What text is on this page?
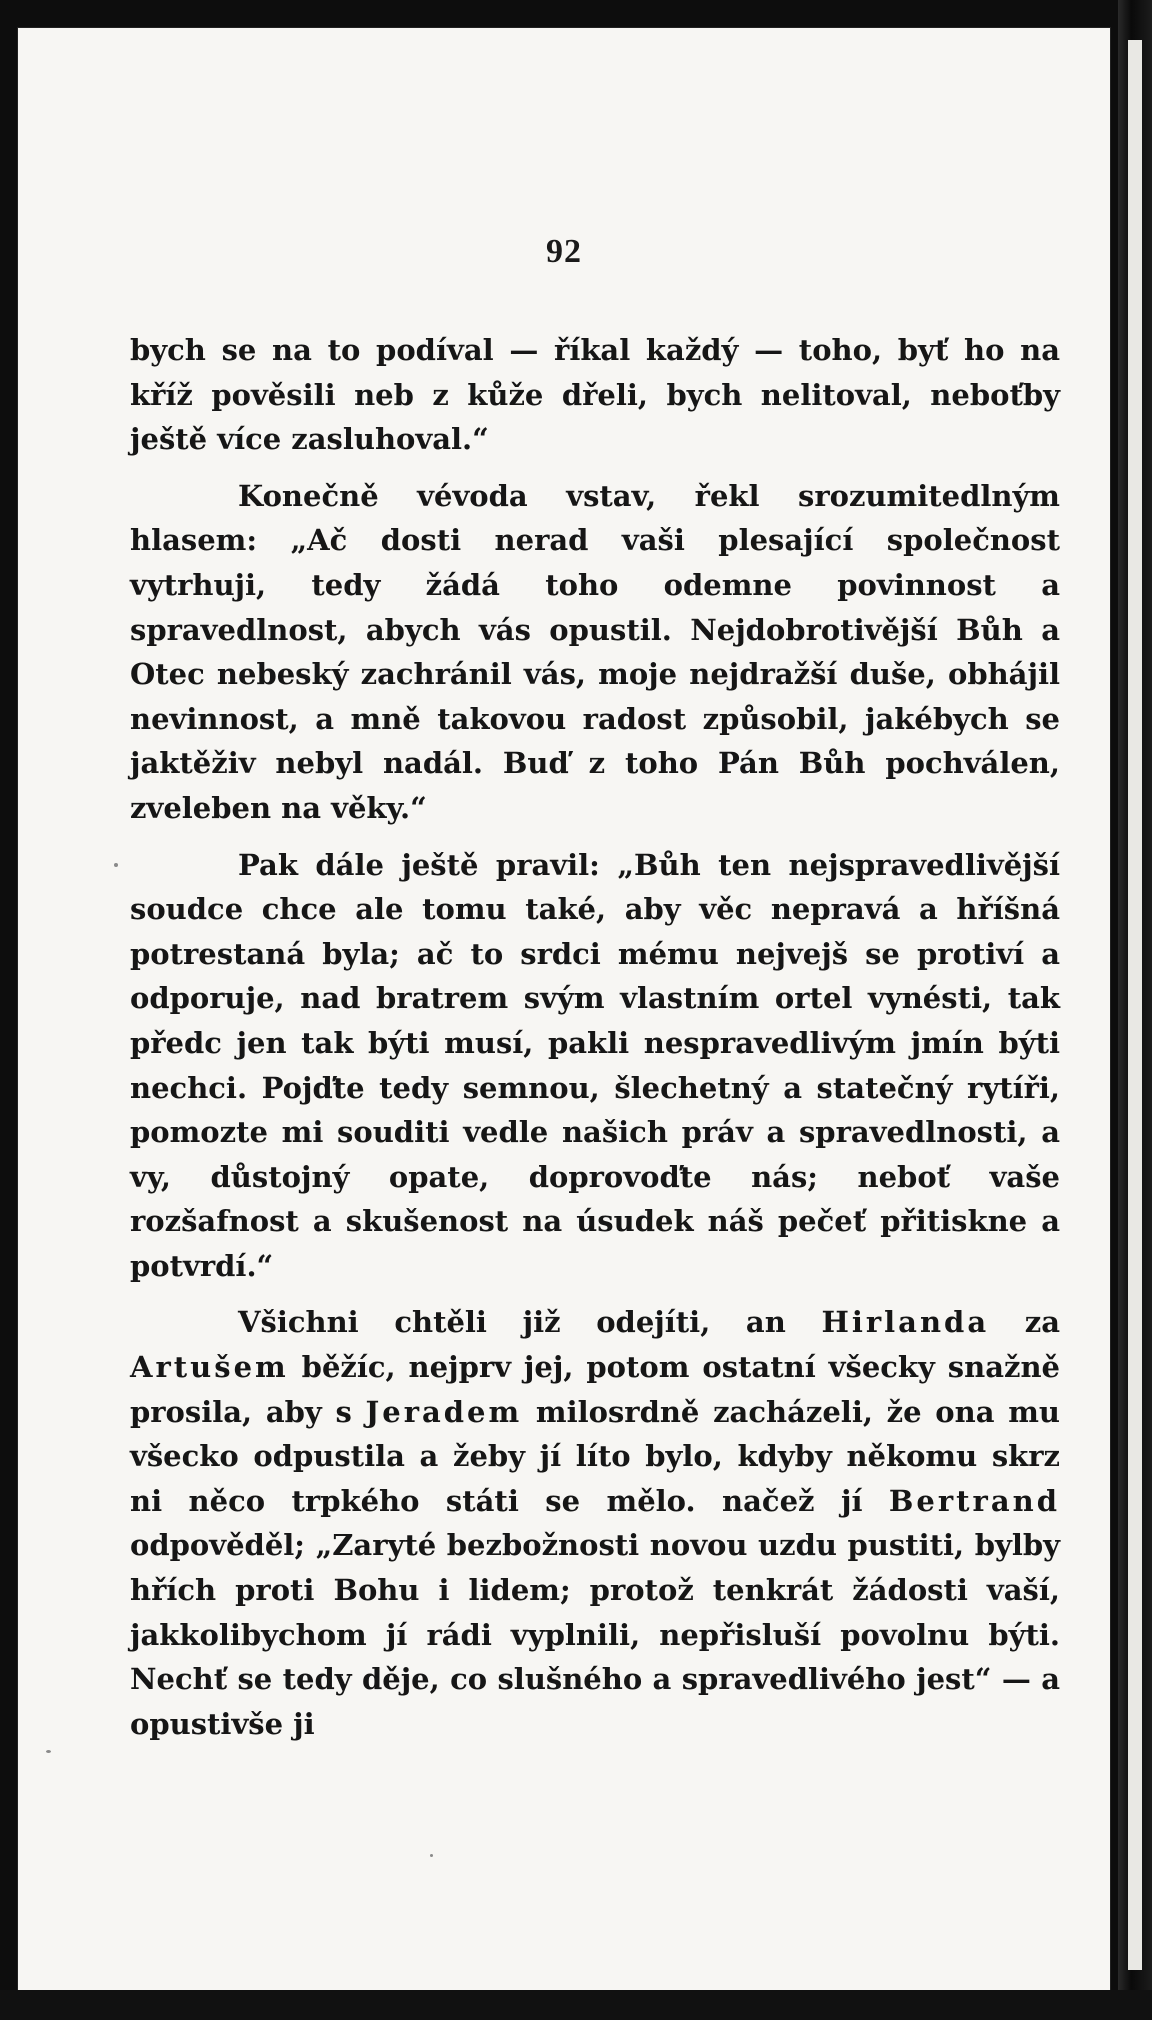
92

bych se na to podíval — říkal každý — toho, byť ho na kříž pověsili neb z kůže dřeli, bych nelitoval, neboťby ještě více zasluhoval.“

Konečně vévoda vstav, řekl srozumitedlným hlasem: „Ač dosti nerad vaši plesající společnost vytrhuji, tedy žádá toho odemne povinnost a spravedlnost, abych vás opustil. Nejdobrotivější Bůh a Otec nebeský zachránil vás, moje nejdražší duše, obhájil nevinnost, a mně takovou radost způsobil, jakébych se jaktěživ nebyl nadál. Buď z toho Pán Bůh pochválen, zveleben na věky.“

Pak dále ještě pravil: „Bůh ten nejspravedlivější soudce chce ale tomu také, aby věc nepravá a hříšná potrestaná byla; ač to srdci mému nejvejš se protiví a odporuje, nad bratrem svým vlastním ortel vynésti, tak předc jen tak býti musí, pakli nespravedlivým jmín býti nechci. Pojďte tedy semnou, šlechetný a statečný rytíři, pomozte mi souditi vedle našich práv a spravedlnosti, a vy, důstojný opate, doprovoďte nás; neboť vaše rozšafnost a skušenost na úsudek náš pečeť přitiskne a potvrdí.“

Všichni chtěli již odejíti, an Hirlanda za Artušem běžíc, nejprv jej, potom ostatní všecky snažně prosila, aby s Jeradem milosrdně zacházeli, že ona mu všecko odpustila a žeby jí líto bylo, kdyby někomu skrz ni něco trpkého státi se mělo. načež jí Bertrand odpověděl; „Zaryté bezbožnosti novou uzdu pustiti, bylby hřích proti Bohu i lidem; protož tenkrát žádosti vaší, jakkolibychom jí rádi vyplnili, nepřisluší povolnu býti. Nechť se tedy děje, co slušného a spravedlivého jest“ — a opustivše ji
